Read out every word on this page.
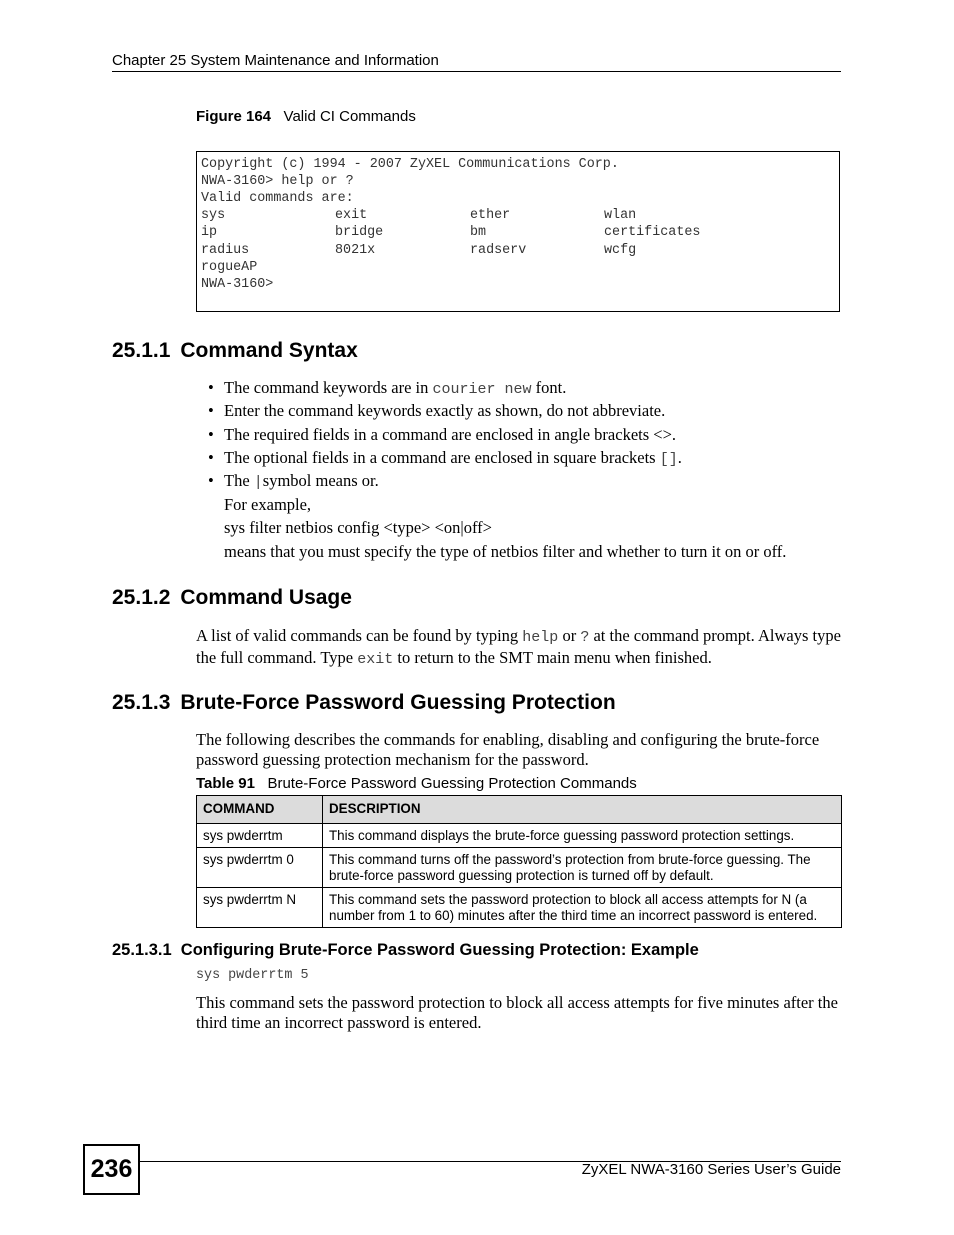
Chapter 25 System Maintenance and Information
Figure 164 Valid CI Commands
Copyright (c) 1994 - 2007 ZyXEL Communications Corp.
NWA-3160> help or ?
Valid commands are:
sys	exit	ether	wlan
ip	bridge	bm	certificates
radius	8021x	radserv	wcfg
rogueAP
NWA-3160>
25.1.1 Command Syntax
• The command keywords are in courier new font.
• Enter the command keywords exactly as shown, do not abbreviate.
• The required fields in a command are enclosed in angle brackets <>.
• The optional fields in a command are enclosed in square brackets [].
• The |symbol means or.
For example,
sys filter netbios config <type> <on|off>
means that you must specify the type of netbios filter and whether to turn it on or off.
25.1.2 Command Usage
A list of valid commands can be found by typing help or ? at the command prompt. Always type the full command. Type exit to return to the SMT main menu when finished.
25.1.3 Brute-Force Password Guessing Protection
The following describes the commands for enabling, disabling and configuring the brute-force password guessing protection mechanism for the password.
Table 91 Brute-Force Password Guessing Protection Commands
COMMAND	DESCRIPTION
sys pwderrtm	This command displays the brute-force guessing password protection settings.
sys pwderrtm 0	This command turns off the password’s protection from brute-force guessing. The brute-force password guessing protection is turned off by default.
sys pwderrtm N	This command sets the password protection to block all access attempts for N (a number from 1 to 60) minutes after the third time an incorrect password is entered.
25.1.3.1  Configuring Brute-Force Password Guessing Protection: Example
sys pwderrtm 5
This command sets the password protection to block all access attempts for five minutes after the third time an incorrect password is entered.
236	ZyXEL NWA-3160 Series User’s Guide
